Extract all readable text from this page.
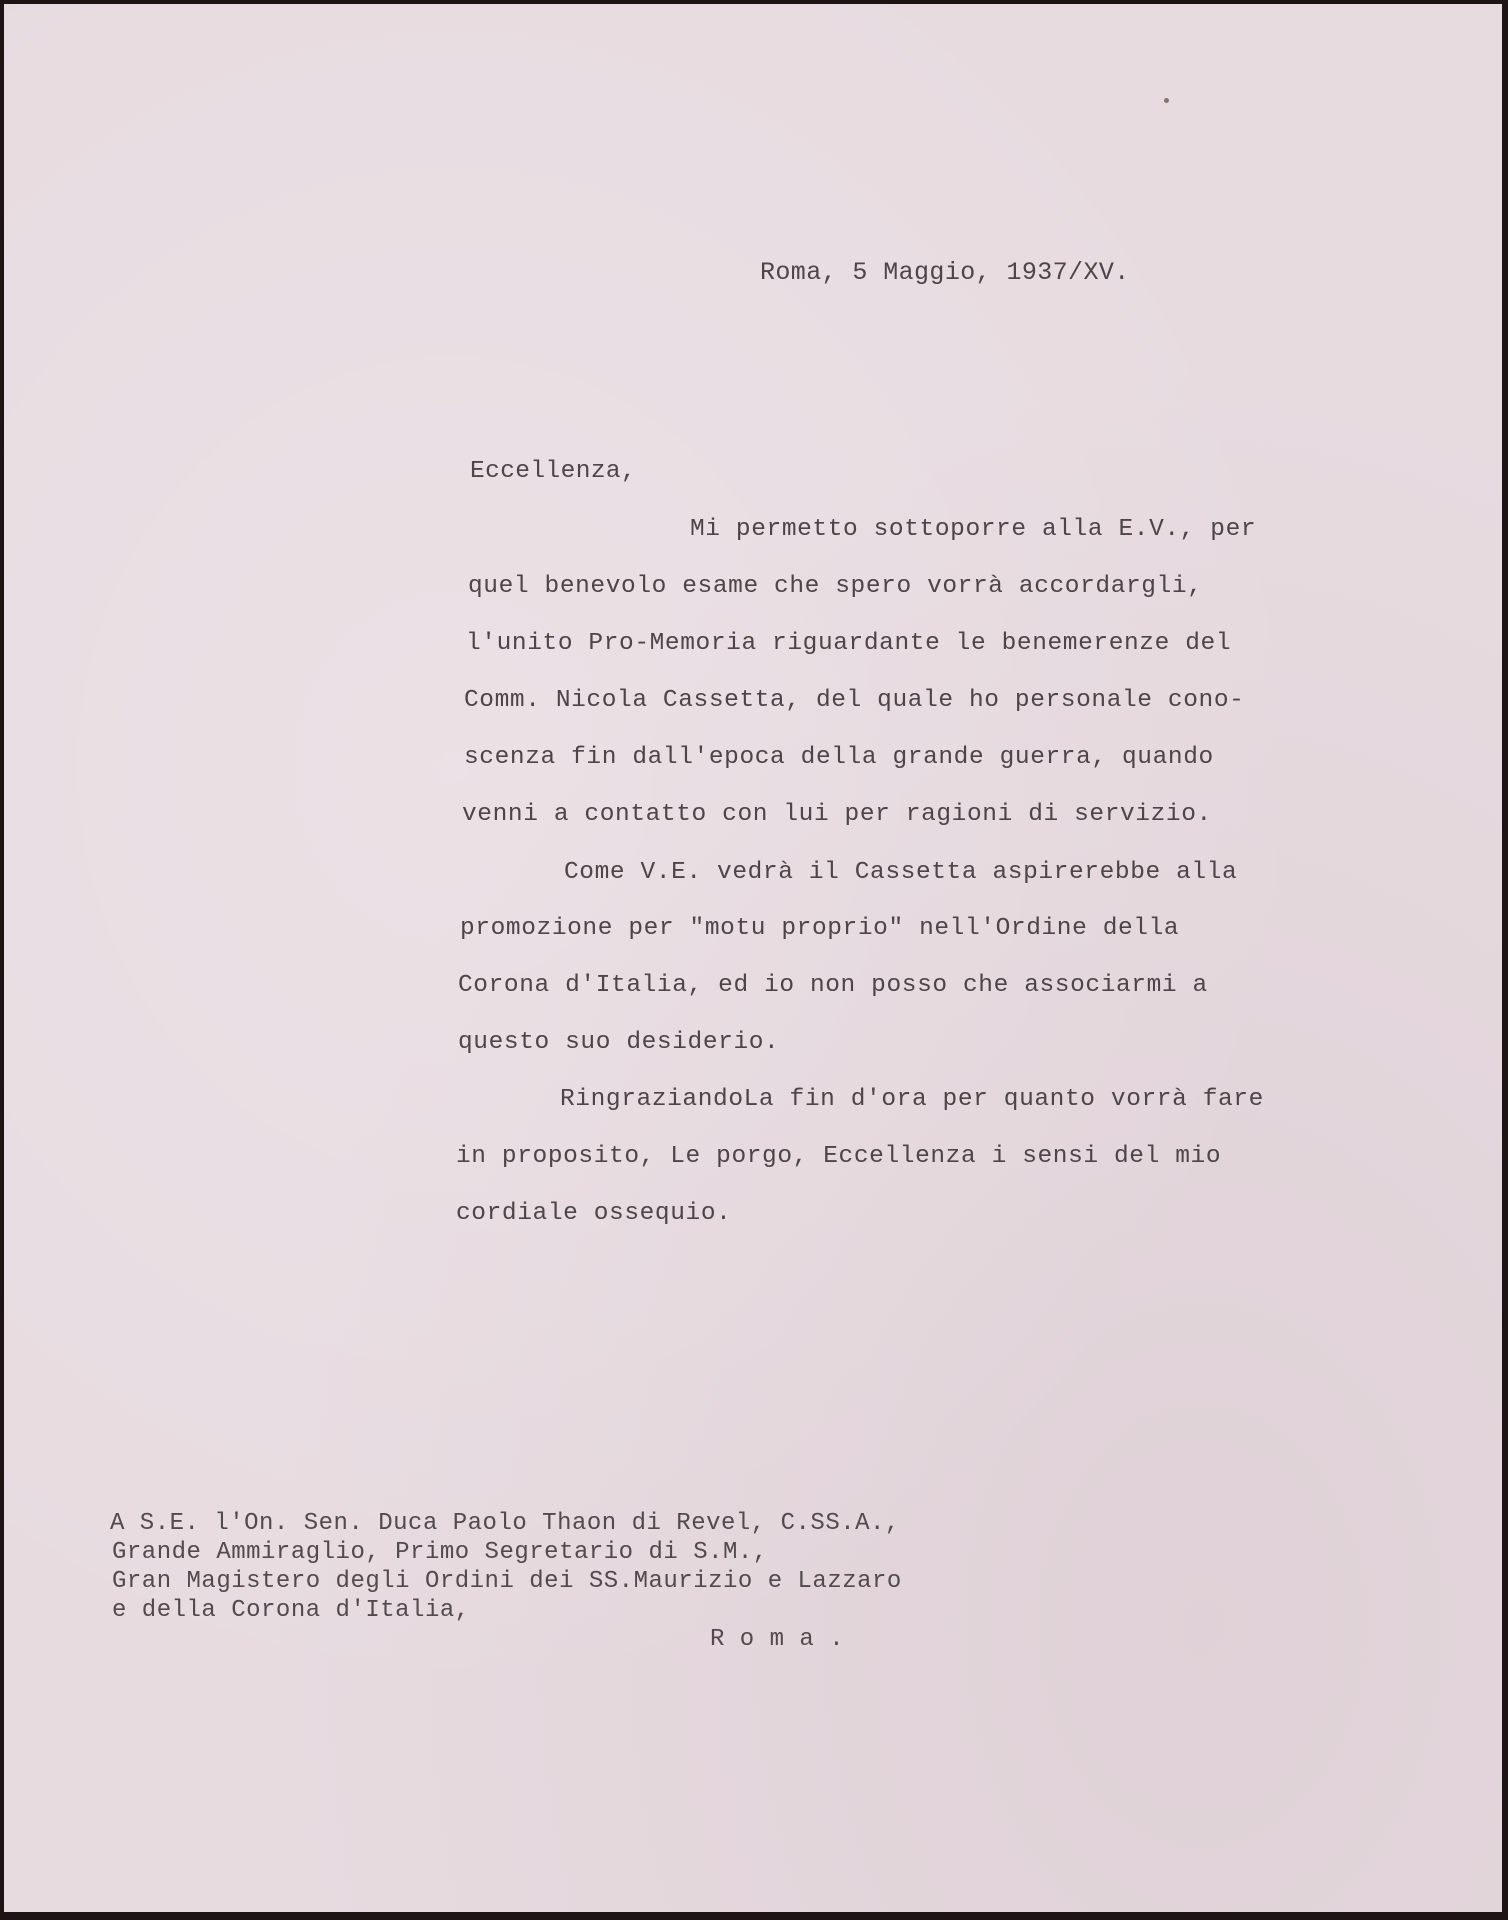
Roma, 5 Maggio, 1937/XV.
Eccellenza,
Mi permetto sottoporre alla E.V., per
quel benevolo esame che spero vorrà accordargli,
l'unito Pro-Memoria riguardante le benemerenze del
Comm. Nicola Cassetta, del quale ho personale cono-
scenza fin dall'epoca della grande guerra, quando
venni a contatto con lui per ragioni di servizio.
Come V.E. vedrà il Cassetta aspirerebbe alla
promozione per "motu proprio" nell'Ordine della
Corona d'Italia, ed io non posso che associarmi a
questo suo desiderio.
RingraziandoLa fin d'ora per quanto vorrà fare
in proposito, Le porgo, Eccellenza i sensi del mio
cordiale ossequio.
A S.E. l'On. Sen. Duca Paolo Thaon di Revel, C.SS.A.,
Grande Ammiraglio, Primo Segretario di S.M.,
Gran Magistero degli Ordini dei SS.Maurizio e Lazzaro
e della Corona d'Italia,
R o m a .
